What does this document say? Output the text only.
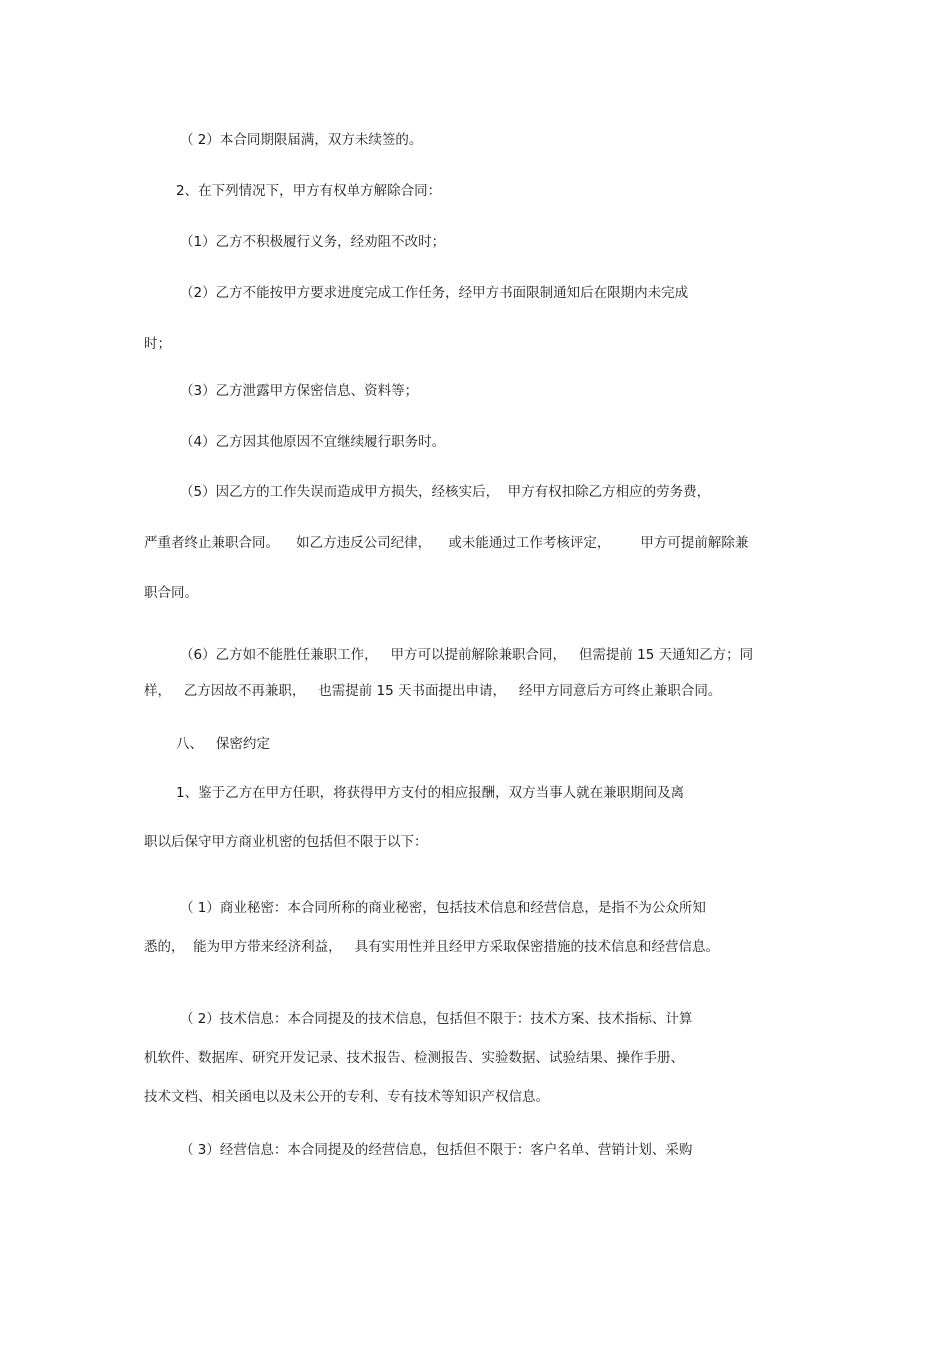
（ 2）本合同期限届满，双方未续签的。

2、在下列情况下，甲方有权单方解除合同：

（1）乙方不积极履行义务，经劝阻不改时；

（2）乙方不能按甲方要求进度完成工作任务，经甲方书面限制通知后在限期内未完成

时；

（3）乙方泄露甲方保密信息、资料等；

（4）乙方因其他原因不宜继续履行职务时。

（5）因乙方的工作失误而造成甲方损失，经核实后，  甲方有权扣除乙方相应的劳务费，

严重者终止兼职合同。    如乙方违反公司纪律，    或未能通过工作考核评定，       甲方可提前解除兼

职合同。

（6）乙方如不能胜任兼职工作，   甲方可以提前解除兼职合同，   但需提前 15 天通知乙方；同

样，   乙方因故不再兼职，   也需提前 15 天书面提出申请，   经甲方同意后方可终止兼职合同。

八、   保密约定

1、鉴于乙方在甲方任职，将获得甲方支付的相应报酬，双方当事人就在兼职期间及离

职以后保守甲方商业机密的包括但不限于以下：

（ 1）商业秘密：本合同所称的商业秘密，包括技术信息和经营信息，是指不为公众所知

悉的，  能为甲方带来经济利益，   具有实用性并且经甲方采取保密措施的技术信息和经营信息。

（ 2）技术信息：本合同提及的技术信息，包括但不限于：技术方案、技术指标、计算

机软件、数据库、研究开发记录、技术报告、检测报告、实验数据、试验结果、操作手册、

技术文档、相关函电以及未公开的专利、专有技术等知识产权信息。

（ 3）经营信息：本合同提及的经营信息，包括但不限于：客户名单、营销计划、采购
